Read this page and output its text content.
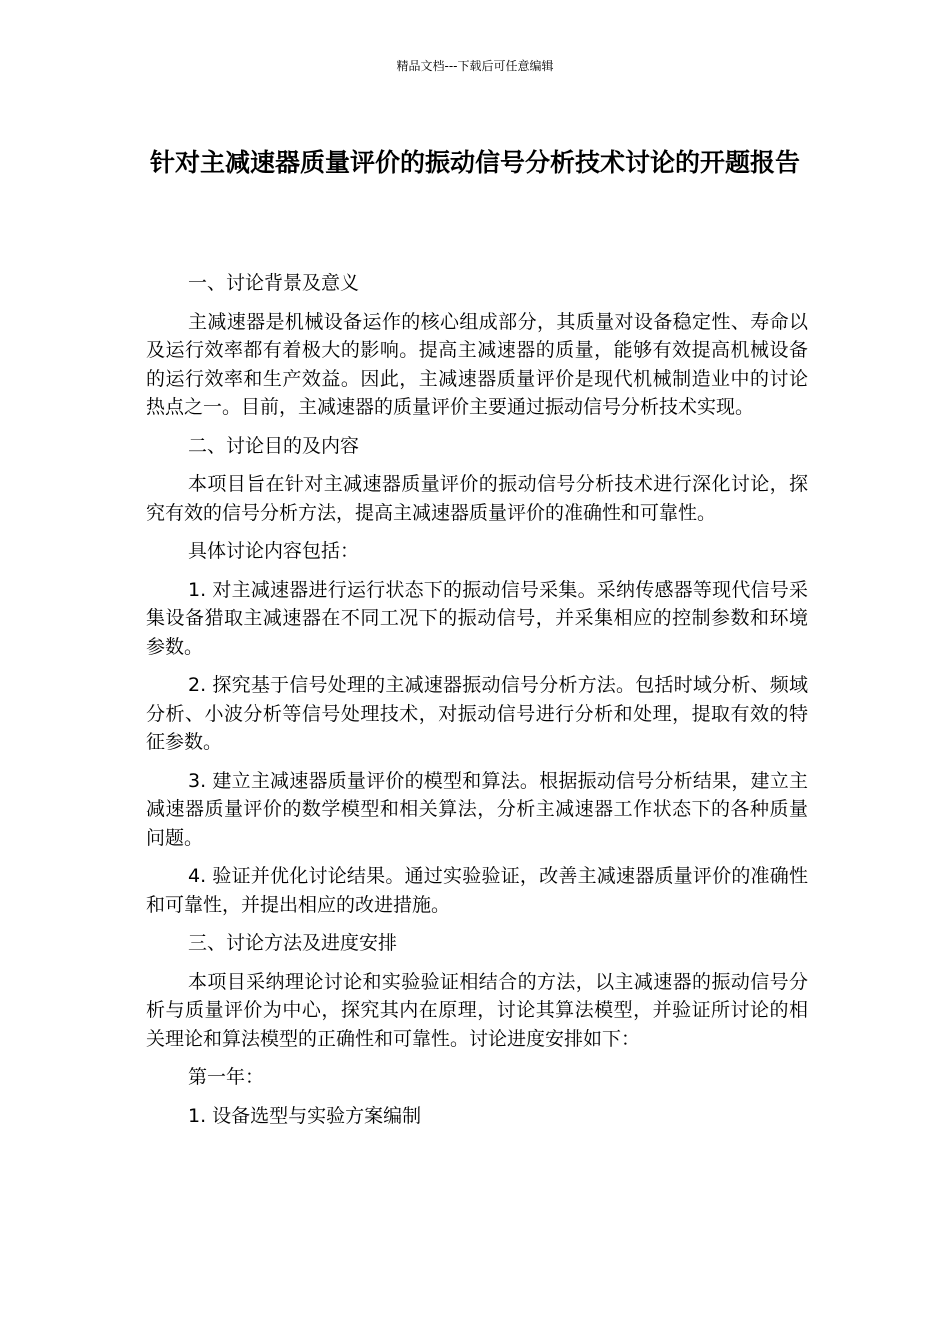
精品文档---下载后可任意编辑
针对主减速器质量评价的振动信号分析技术讨论的开题报告

一、讨论背景及意义

主减速器是机械设备运作的核心组成部分，其质量对设备稳定性、寿命以及运行效率都有着极大的影响。提高主减速器的质量，能够有效提高机械设备的运行效率和生产效益。因此，主减速器质量评价是现代机械制造业中的讨论热点之一。目前，主减速器的质量评价主要通过振动信号分析技术实现。

二、讨论目的及内容

本项目旨在针对主减速器质量评价的振动信号分析技术进行深化讨论，探究有效的信号分析方法，提高主减速器质量评价的准确性和可靠性。

具体讨论内容包括：

1. 对主减速器进行运行状态下的振动信号采集。采纳传感器等现代信号采集设备猎取主减速器在不同工况下的振动信号，并采集相应的控制参数和环境参数。

2. 探究基于信号处理的主减速器振动信号分析方法。包括时域分析、频域分析、小波分析等信号处理技术，对振动信号进行分析和处理，提取有效的特征参数。

3. 建立主减速器质量评价的模型和算法。根据振动信号分析结果，建立主减速器质量评价的数学模型和相关算法，分析主减速器工作状态下的各种质量问题。

4. 验证并优化讨论结果。通过实验验证，改善主减速器质量评价的准确性和可靠性，并提出相应的改进措施。

三、讨论方法及进度安排

本项目采纳理论讨论和实验验证相结合的方法，以主减速器的振动信号分析与质量评价为中心，探究其内在原理，讨论其算法模型，并验证所讨论的相关理论和算法模型的正确性和可靠性。讨论进度安排如下：

第一年：

1. 设备选型与实验方案编制
